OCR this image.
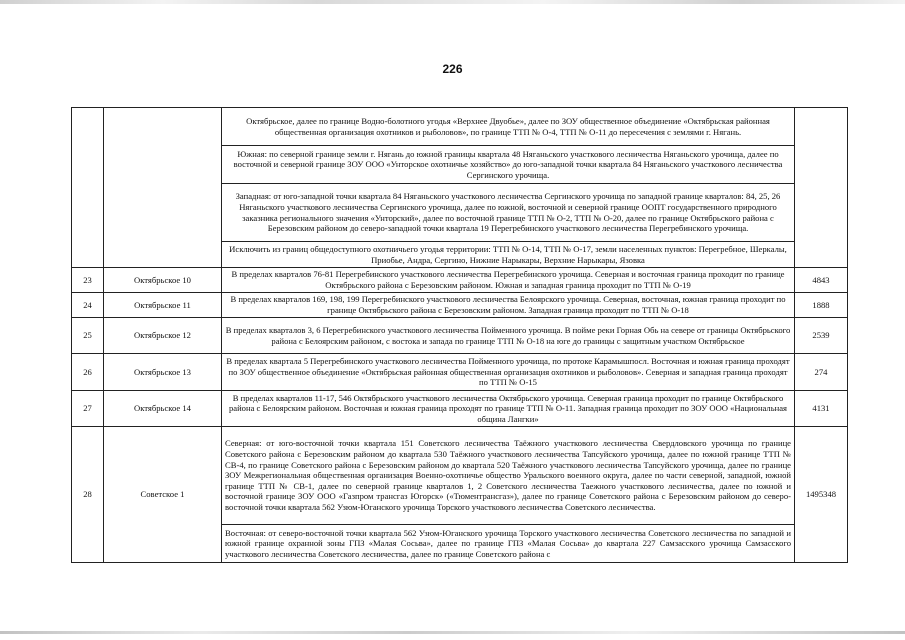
226
		Октябрьское, далее по границе Водно-болотного угодья «Верхнее Двуобье», далее по ЗОУ общественное объединение «Октябрьская районная общественная организация охотников и рыболовов», по границе ТТП № О-4, ТТП № О-11 до пересечения с землями г. Нягань.	
		Южная: по северной границе земли г. Нягань до южной границы квартала 48 Няганьского участкового лесничества Няганьского урочища, далее по восточной и северной границе ЗОУ ООО «Унторское охотничье хозяйство» до юго-западной точки квартала 84 Няганьского участкового лесничества Сергинского урочища.	
		Западная: от юго-западной точки квартала 84 Няганьского участкового лесничества Сергинского урочища по западной границе кварталов: 84, 25, 26 Няганьского участкового лесничества Сергинского урочища, далее по южной, восточной и северной границе ООПТ государственного природного заказника регионального значения «Унторский», далее по восточной границе ТТП № О-2, ТТП № О-20, далее по границе Октябрьского района с Березовским районом до северо-западной точки квартала 19 Перегребинского участкового лесничества Перегребинского урочища.	
		Исключить из границ общедоступного охотничьего угодья территории: ТТП № О-14, ТТП № О-17, земли населенных пунктов: Перегребное, Шеркалы, Приобье, Андра, Сергино, Нижние Нарыкары, Верхние Нарыкары, Язовка	
23	Октябрьское 10	В пределах кварталов 76-81 Перегребинского участкового лесничества Перегребинского урочища. Северная и восточная граница проходит по границе Октябрьского района с Березовским районом. Южная и западная граница проходит по ТТП № О-19	4843
24	Октябрьское 11	В пределах кварталов 169, 198, 199 Перегребинского участкового лесничества Белоярского урочища. Северная, восточная, южная граница проходит по границе Октябрьского района с Березовским районом. Западная граница проходит по ТТП № О-18	1888
25	Октябрьское 12	В пределах кварталов 3, 6 Перегребинского участкового лесничества Пойменного урочища. В пойме реки Горная Обь на севере от границы Октябрьского района с Белоярским районом, с востока и запада по границе ТТП № О-18 на юге до границы с защитным участком Октябрьское	2539
26	Октябрьское 13	В пределах квартала 5 Перегребинского участкового лесничества Пойменного урочища, по протоке Карамышпосл. Восточная и южная граница проходят по ЗОУ общественное объединение «Октябрьская районная общественная организация охотников и рыболовов». Северная и западная граница проходят по ТТП № О-15	274
27	Октябрьское 14	В пределах кварталов 11-17, 546 Октябрьского участкового лесничества Октябрьского урочища. Северная граница проходит по границе Октябрьского района с Белоярским районом. Восточная и южная граница проходят по границе ТТП № О-11. Западная граница проходит по ЗОУ ООО «Национальная община Лангки»	4131
28	Советское 1	Северная: от юго-восточной точки квартала 151 Советского лесничества Таёжного участкового лесничества Свердловского урочища по границе Советского района с Березовским районом до квартала 530 Таёжного участкового лесничества Тапсуйского урочища, далее по южной границе ТТП № СВ-4, по границе Советского района с Березовским районом до квартала 520 Таёжного участкового лесничества Тапсуйского урочища, далее по границе ЗОУ Межрегиональная общественная организация Военно-охотничье общество Уральского военного округа, далее по части северной, западной, южной границе ТТП № СВ-1, далее по северной границе кварталов 1, 2 Советского лесничества Таежного участкового лесничества, далее по южной и восточной границе ЗОУ ООО «Газпром трансгаз Югорск» («Тюментрансгаз»), далее по границе Советского района с Березовским районом до северо-восточной точки квартала 562 Узюм-Юганского урочища Торского участкового лесничества Советского лесничества.	1495348
		Восточная: от северо-восточной точки квартала 562 Узюм-Юганского урочища Торского участкового лесничества Советского лесничества по западной и южной границе охранной зоны ГПЗ «Малая Сосьва», далее по границе ГПЗ «Малая Сосьва» до квартала 227 Самзасского урочища Самзасского участкового лесничества Советского лесничества, далее по границе Советского района с	
